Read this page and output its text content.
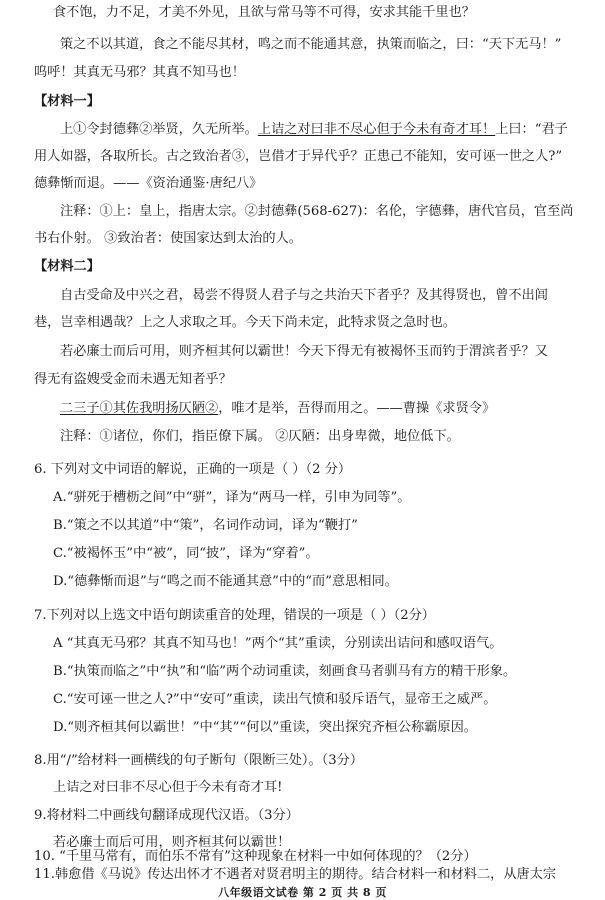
食不饱，力不足，才美不外见，且欲与常马等不可得，安求其能千里也？
策之不以其道，食之不能尽其材，鸣之而不能通其意，执策而临之，曰：“天下无马！”
呜呼！其真无马邪？其真不知马也！
【材料一】
上①令封德彝②举贤，久无所举。上诘之对曰非不尽心但于今未有奇才耳！上曰：“君子
用人如器，各取所长。古之致治者③，岂借才于异代乎？正患己不能知，安可诬一世之人?”
德彝惭而退。——《资治通鉴·唐纪八》
注释：①上：皇上，指唐太宗。②封德彝(568-627)：名伦，字德彝，唐代官员，官至尚
书右仆射。 ③致治者：使国家达到太治的人。
【材料二】
自古受命及中兴之君，曷尝不得贤人君子与之共治天下者乎？及其得贤也，曾不出闾
巷，岂幸相遇哉？上之人求取之耳。今天下尚未定，此特求贤之急时也。
若必廉士而后可用，则齐桓其何以霸世！今天下得无有被褐怀玉而钓于渭滨者乎？又
得无有盗嫂受金而未遇无知者乎？
二三子①其佐我明扬仄陋②，唯才是举，吾得而用之。——曹操《求贤令》
注释：①诸位，你们，指臣僚下属。 ②仄陋：出身卑微，地位低下。
6. 下列对文中词语的解说，正确的一项是（ ）（2 分）
A.“骈死于槽枥之间”中“骈”，译为“两马一样，引申为同等”。
B.“策之不以其道”中“策”，名词作动词，译为“鞭打”
C.“被褐怀玉”中“被”，同“披”，译为“穿着”。
D.“德彝惭而退”与“鸣之而不能通其意”中的“而”意思相同。
7.下列对以上选文中语句朗读重音的处理，错误的一项是（ ）（2分）
A “其真无马邪？其真不知马也！”两个“其”重读，分别读出诘问和感叹语气。
B.“执策而临之”中“执”和“临”两个动词重读，刻画食马者驯马有方的精干形象。
C.“安可诬一世之人?”中“安可”重读，读出气愤和驳斥语气，显帝王之威严。
D.“则齐桓其何以霸世！”中“其”“何以”重读，突出探究齐桓公称霸原因。
8.用“/”给材料一画横线的句子断句（限断三处）。（3分）
上诘之对曰非不尽心但于今未有奇才耳!
9.将材料二中画线句翻译成现代汉语。（3分）
若必廉士而后可用，则齐桓其何以霸世！
10. “千里马常有，而伯乐不常有”这种现象在材料一中如何体现的？（2分）
11.韩愈借《马说》传达出怀才不遇者对贤君明主的期待。结合材料一和材料二，从唐太宗
八年级语文试卷 第 2 页 共 8 页
